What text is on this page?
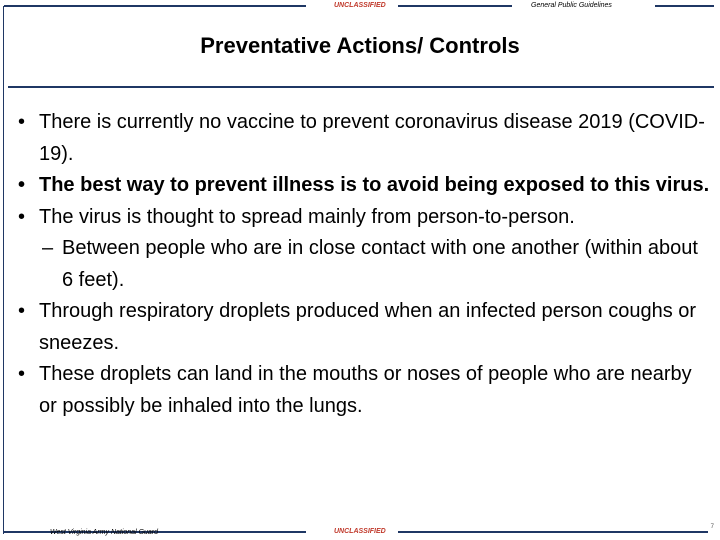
UNCLASSIFIED	General Public Guidelines
Preventative Actions/ Controls

• There is currently no vaccine to prevent coronavirus disease 2019 (COVID-19).

• The best way to prevent illness is to avoid being exposed to this virus.

• The virus is thought to spread mainly from person-to-person.

– Between people who are in close contact with one another (within about 6 feet).

• Through respiratory droplets produced when an infected person coughs or sneezes.

• These droplets can land in the mouths or noses of people who are nearby or possibly be inhaled into the lungs.

West Virginia Army National Guard	UNCLASSIFIED
7
